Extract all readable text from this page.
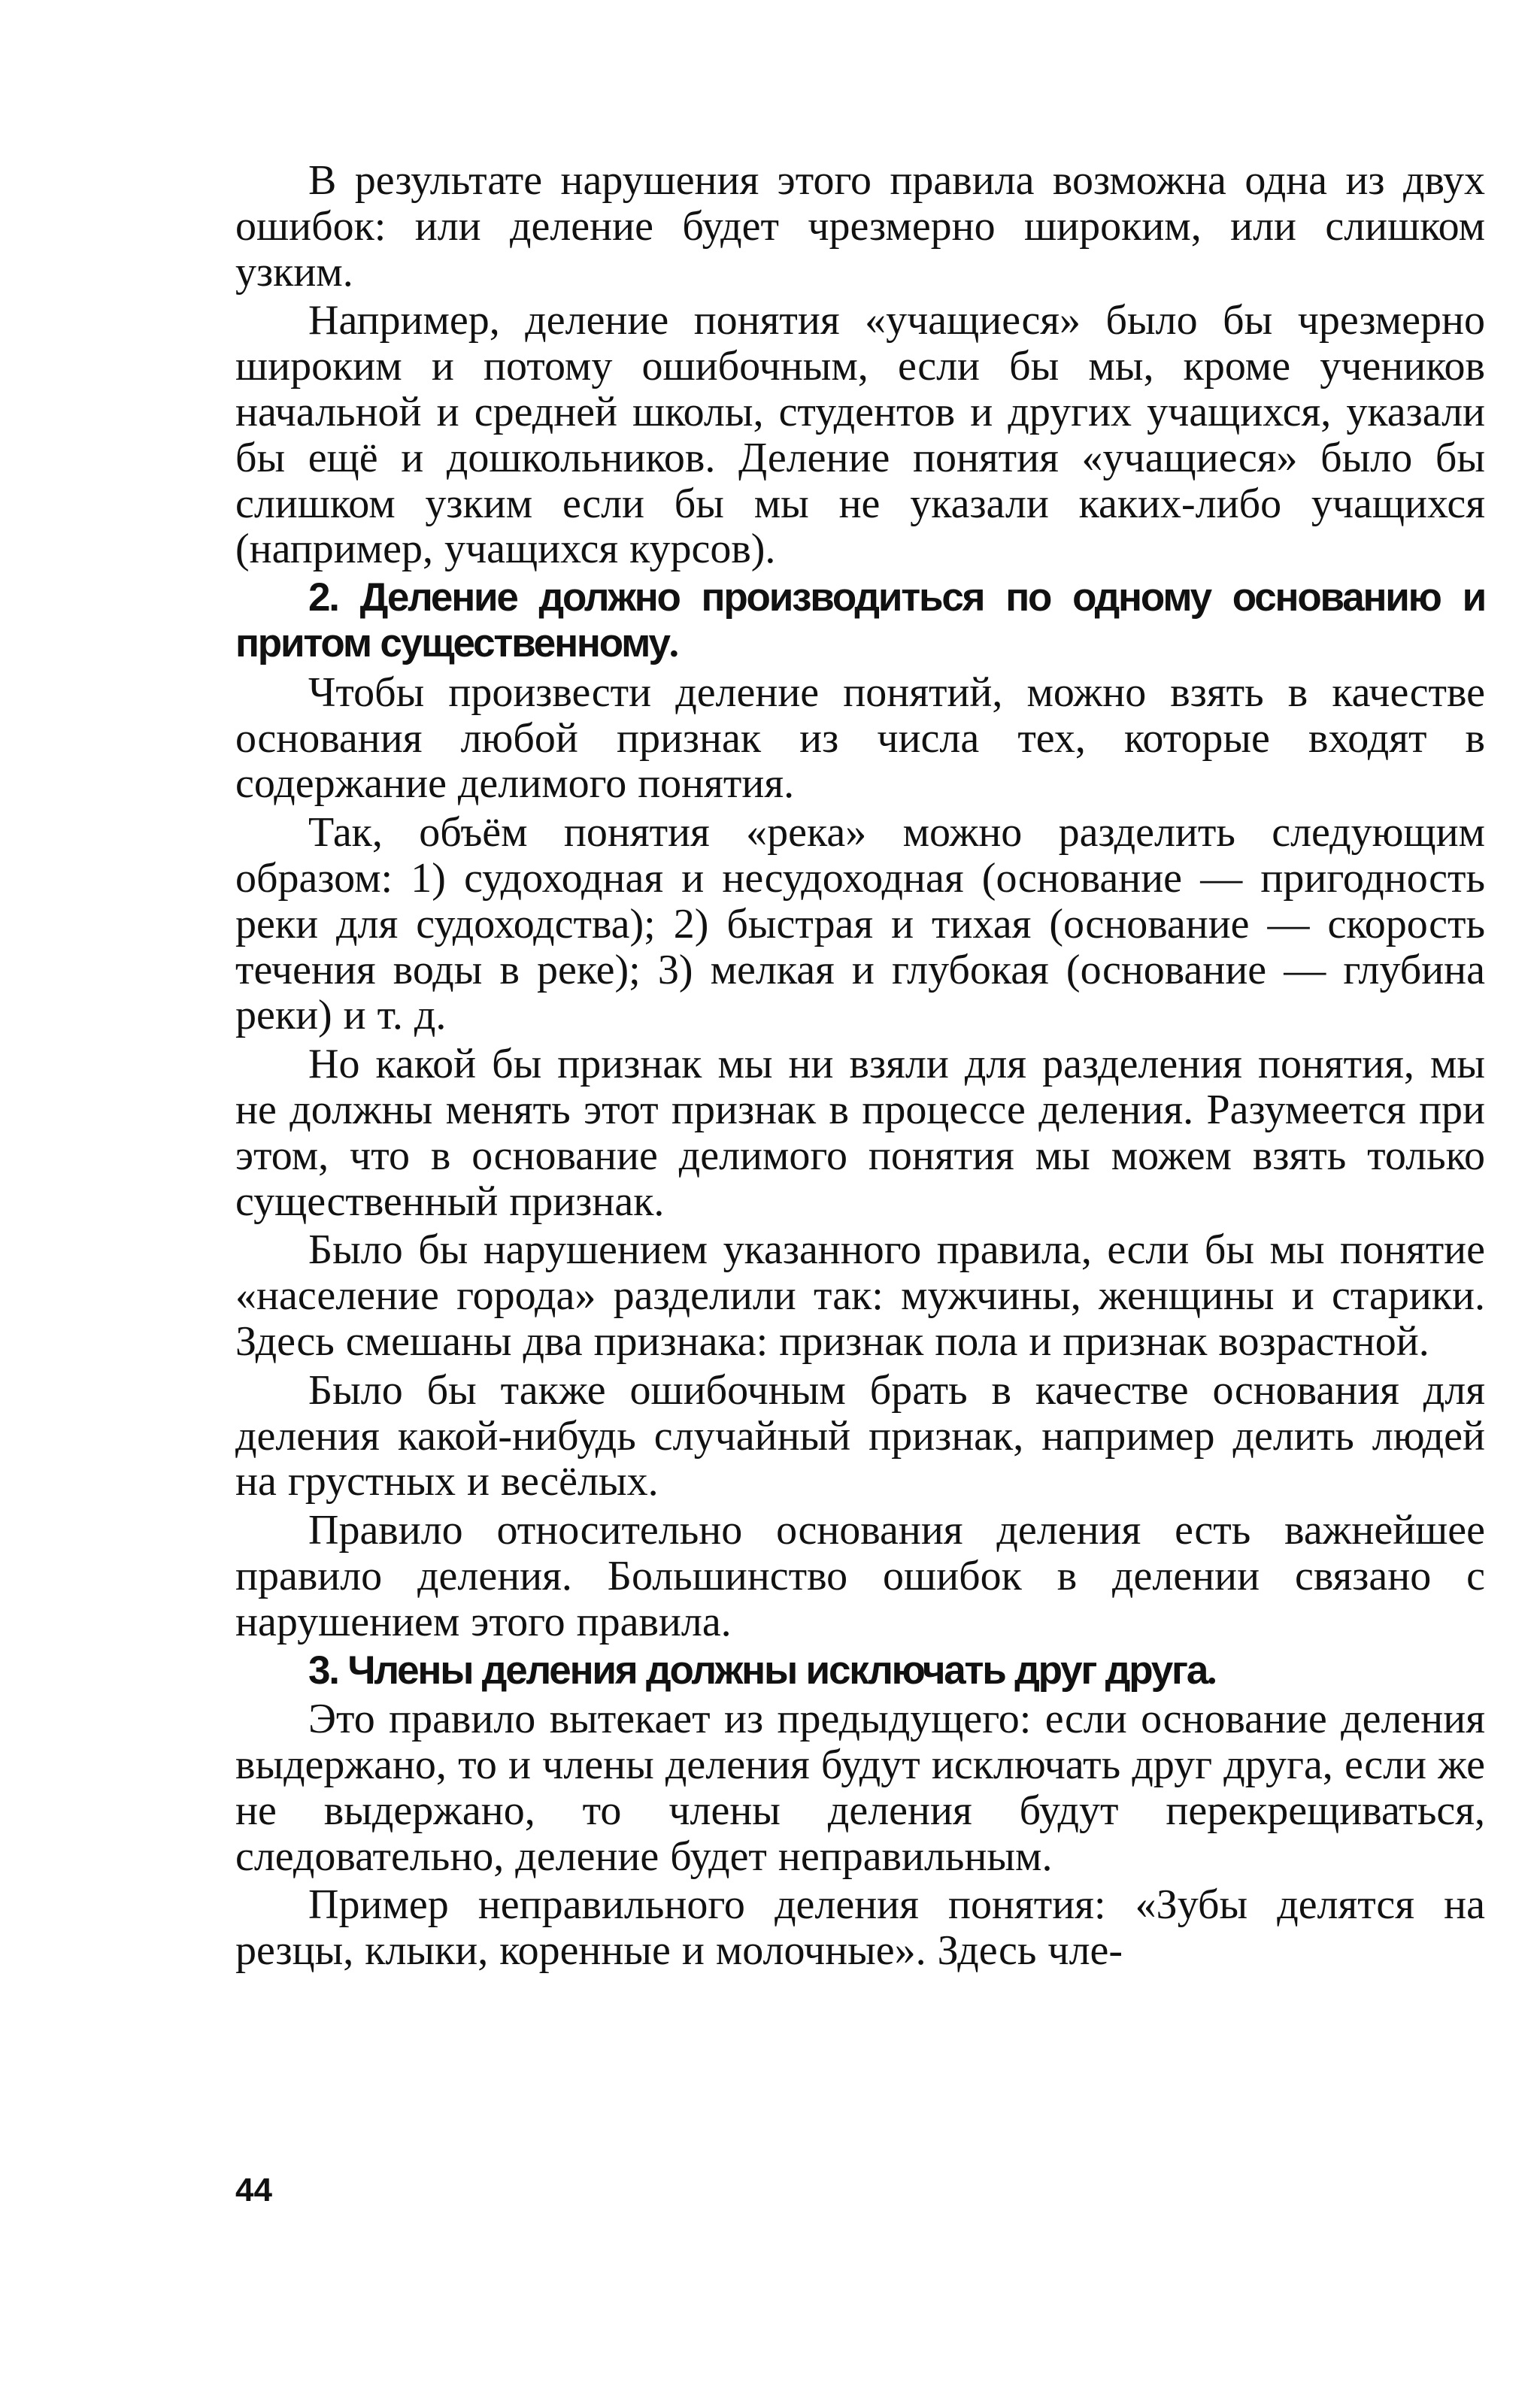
В результате нарушения этого правила возможна одна из двух ошибок: или деление будет чрезмерно широким, или слишком узким.

Например, деление понятия «учащиеся» было бы чрезмерно широким и потому ошибочным, если бы мы, кроме учеников начальной и средней школы, студентов и других учащихся, указали бы ещё и дошкольников. Деление понятия «учащиеся» было бы слишком узким если бы мы не указали каких-либо учащихся (например, учащихся курсов).

2. Деление должно производиться по одному основанию и притом существенному.

Чтобы произвести деление понятий, можно взять в качестве основания любой признак из числа тех, которые входят в содержание делимого понятия.

Так, объём понятия «река» можно разделить следующим образом: 1) судоходная и несудоходная (основание — пригодность реки для судоходства); 2) быстрая и тихая (основание — скорость течения воды в реке); 3) мелкая и глубокая (основание — глубина реки) и т. д.

Но какой бы признак мы ни взяли для разделения понятия, мы не должны менять этот признак в процессе деления. Разумеется при этом, что в основание делимого понятия мы можем взять только существенный признак.

Было бы нарушением указанного правила, если бы мы понятие «население города» разделили так: мужчины, женщины и старики. Здесь смешаны два признака: признак пола и признак возрастной.

Было бы также ошибочным брать в качестве основания для деления какой-нибудь случайный признак, например делить людей на грустных и весёлых.

Правило относительно основания деления есть важнейшее правило деления. Большинство ошибок в делении связано с нарушением этого правила.

3. Члены деления должны исключать друг друга.

Это правило вытекает из предыдущего: если основание деления выдержано, то и члены деления будут исключать друг друга, если же не выдержано, то члены деления будут перекрещиваться, следовательно, деление будет неправильным.

Пример неправильного деления понятия: «Зубы делятся на резцы, клыки, коренные и молочные». Здесь чле-

44
